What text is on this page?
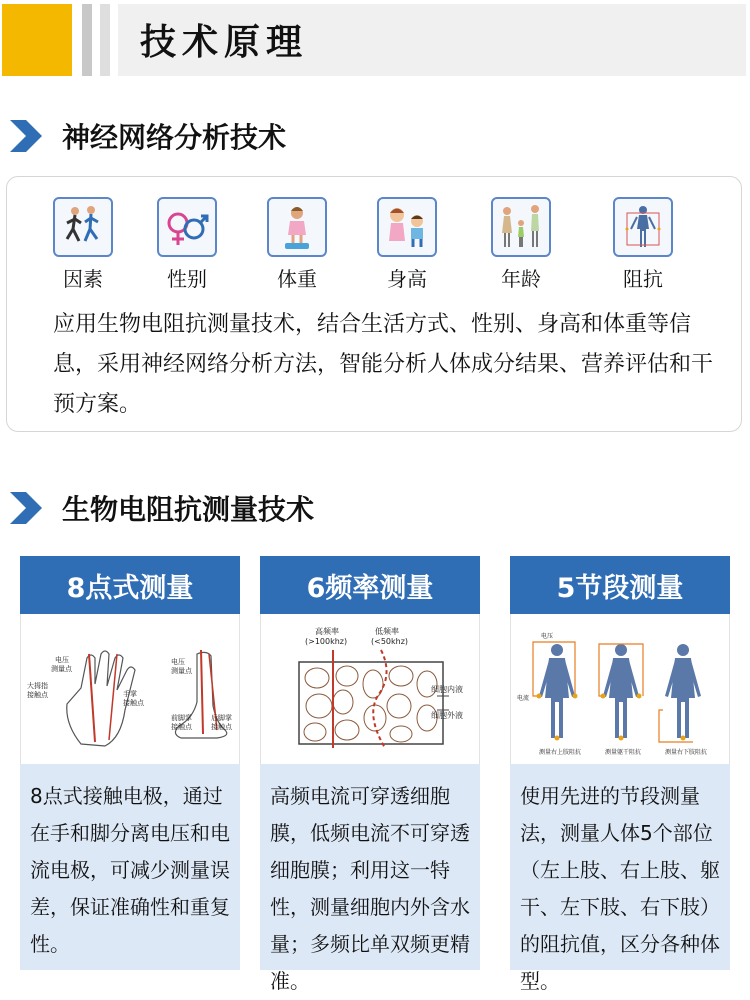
技术原理
神经网络分析技术
因素	性别	体重	身高	年龄	阻抗
应用生物电阻抗测量技术，结合生活方式、性别、身高和体重等信息，采用神经网络分析方法，智能分析人体成分结果、营养评估和干预方案。
生物电阻抗测量技术
8点式测量
电压
测量点
大拇指
接触点	手掌
接触点
电压
测量点
前脚掌
接触点
后脚掌
接触点
8点式接触电极，通过在手和脚分离电压和电流电极，可减少测量误差，保证准确性和重复性。
6频率测量
高频率
(>100khz)
低频率
(<50khz)
细胞内液
细胞外液
高频电流可穿透细胞膜，低频电流不可穿透细胞膜；利用这一特性，测量细胞内外含水量；多频比单双频更精准。
5节段测量
电压
电流
测量右上肢阻抗	测量躯干阻抗	测量右下肢阻抗
使用先进的节段测量法，测量人体5个部位（左上肢、右上肢、躯干、左下肢、右下肢）的阻抗值，区分各种体型。
